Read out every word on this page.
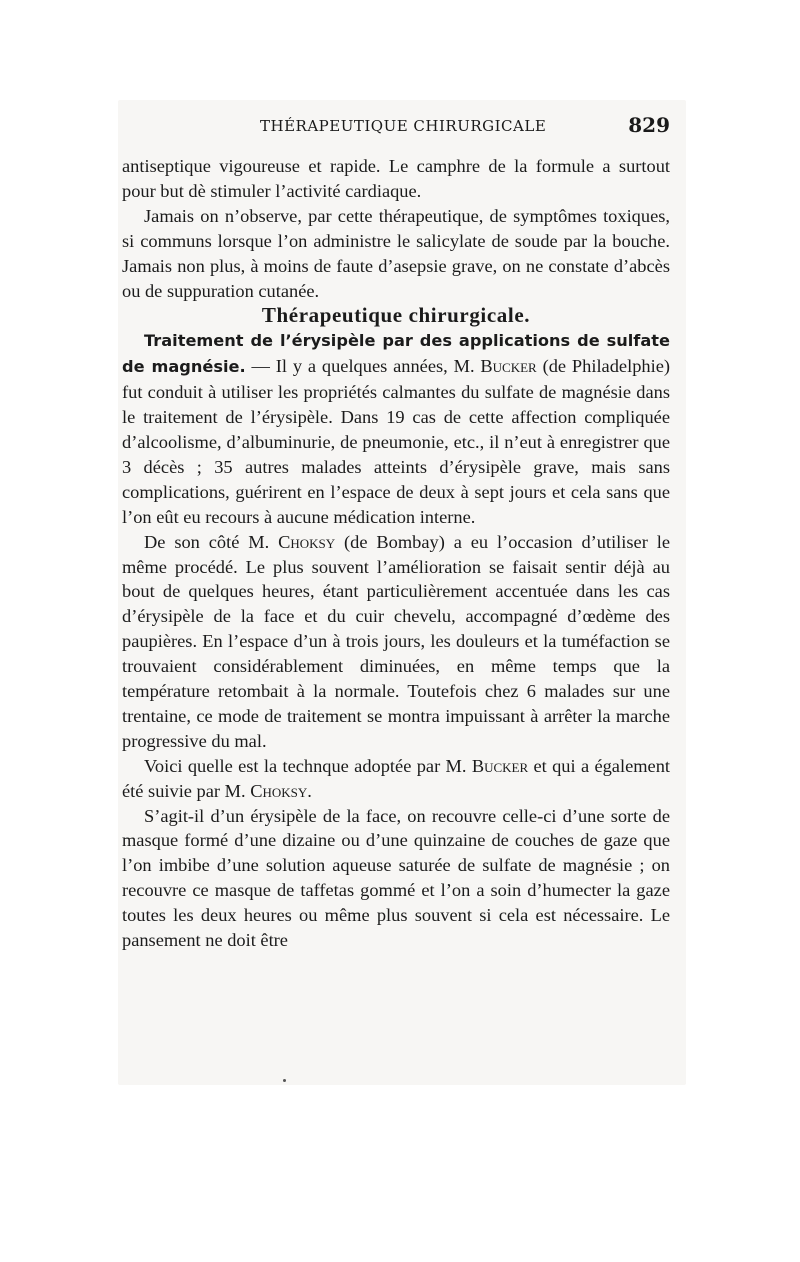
THÉRAPEUTIQUE CHIRURGICALE	829

antiseptique vigoureuse et rapide. Le camphre de la formule a surtout pour but dè stimuler l’activité cardiaque.

Jamais on n’observe, par cette thérapeutique, de symptômes toxiques, si communs lorsque l’on administre le salicylate de soude par la bouche. Jamais non plus, à moins de faute d’asepsie grave, on ne constate d’abcès ou de suppuration cutanée.

Thérapeutique chirurgicale.

Traitement de l’érysipèle par des applications de sulfate de magnésie. — Il y a quelques années, M. Bucker (de Philadelphie) fut conduit à utiliser les propriétés calmantes du sulfate de magnésie dans le traitement de l’érysipèle. Dans 19 cas de cette affection compliquée d’alcoolisme, d’albuminurie, de pneumonie, etc., il n’eut à enregistrer que 3 décès ; 35 autres malades atteints d’érysipèle grave, mais sans complications, guérirent en l’espace de deux à sept jours et cela sans que l’on eût eu recours à aucune médication interne.

De son côté M. Choksy (de Bombay) a eu l’occasion d’utiliser le même procédé. Le plus souvent l’amélioration se faisait sentir déjà au bout de quelques heures, étant particulièrement accentuée dans les cas d’érysipèle de la face et du cuir chevelu, accompagné d’œdème des paupières. En l’espace d’un à trois jours, les douleurs et la tuméfaction se trouvaient considérablement diminuées, en même temps que la température retombait à la normale. Toutefois chez 6 malades sur une trentaine, ce mode de traitement se montra impuissant à arrêter la marche progressive du mal.

Voici quelle est la technque adoptée par M. Bucker et qui a également été suivie par M. Choksy.

S’agit-il d’un érysipèle de la face, on recouvre celle-ci d’une sorte de masque formé d’une dizaine ou d’une quinzaine de couches de gaze que l’on imbibe d’une solution aqueuse saturée de sulfate de magnésie ; on recouvre ce masque de taffetas gommé et l’on a soin d’humecter la gaze toutes les deux heures ou même plus souvent si cela est nécessaire. Le pansement ne doit être
